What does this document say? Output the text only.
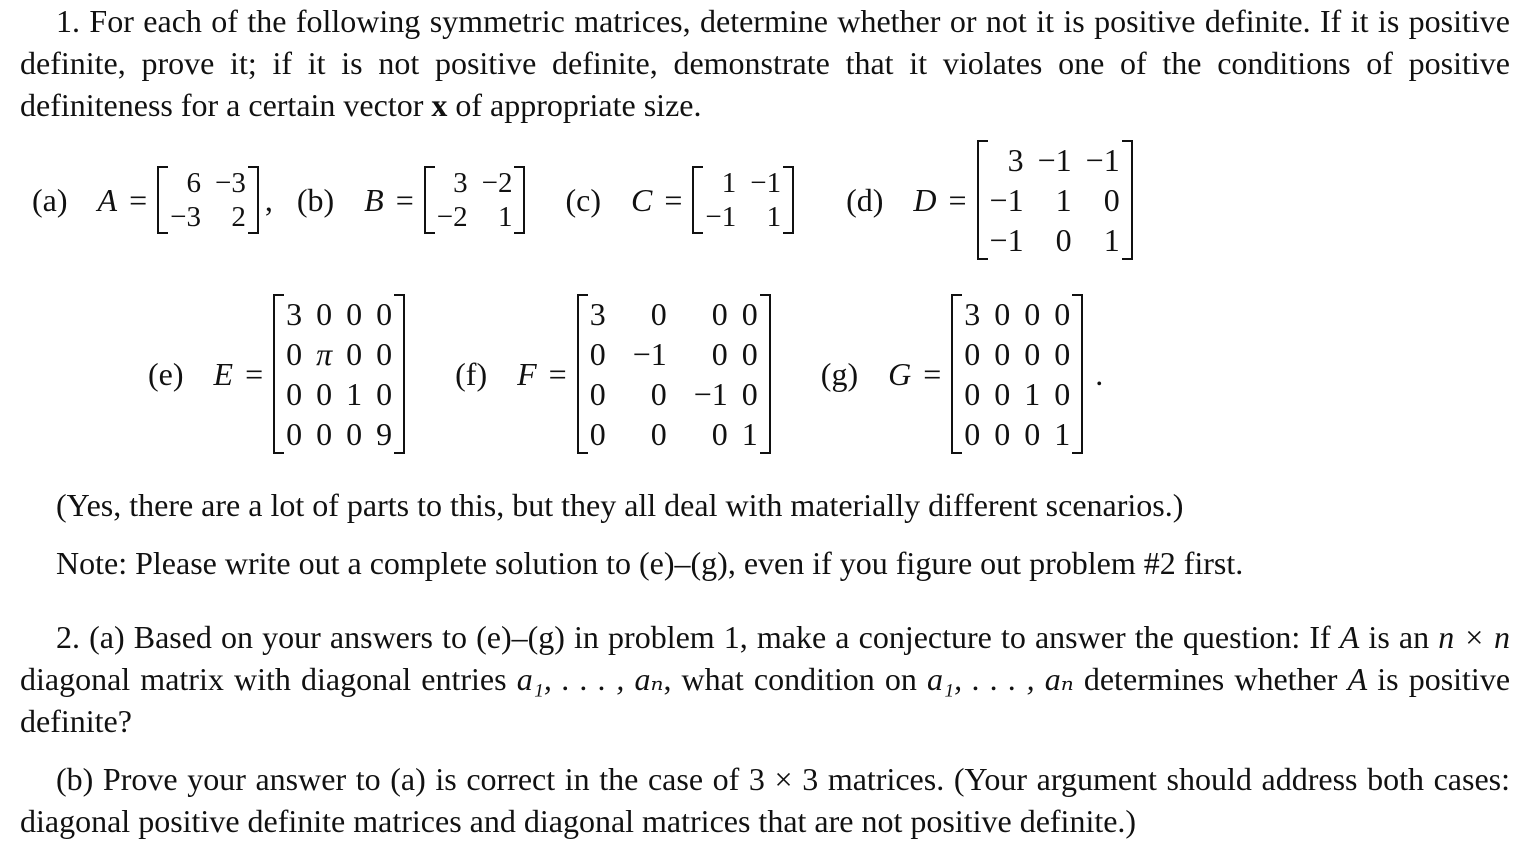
1. For each of the following symmetric matrices, determine whether or not it is positive definite. If it is positive definite, prove it; if it is not positive definite, demonstrate that it violates one of the conditions of positive definiteness for a certain vector x of appropriate size.
(a) A = 6
−3
−3
2 , (b) B = 3
−2
−2
1 (c) C = 1
−1
−1
1 (d) D =
3
−1
−1
−1
1
0
−1
0
1
(e) E =
3
0
0
0
0
π
0
0
0
0
1
0
0
0
0
9
(f) F =
3
0
0
0
0
−1
0
0
0
0
−1
0
0
0
0
1
(g) G =
3
0
0
0
0
0
0
0
0
0
1
0
0
0
0
1
.
(Yes, there are a lot of parts to this, but they all deal with materially different scenarios.)
Note: Please write out a complete solution to (e)–(g), even if you figure out problem #2 first.
2. (a) Based on your answers to (e)–(g) in problem 1, make a conjecture to answer the question: If A is an n × n diagonal matrix with diagonal entries a₁, . . . , aₙ, what condition on a₁, . . . , aₙ determines whether A is positive definite?
(b) Prove your answer to (a) is correct in the case of 3 × 3 matrices. (Your argument should address both cases: diagonal positive definite matrices and diagonal matrices that are not positive definite.)
